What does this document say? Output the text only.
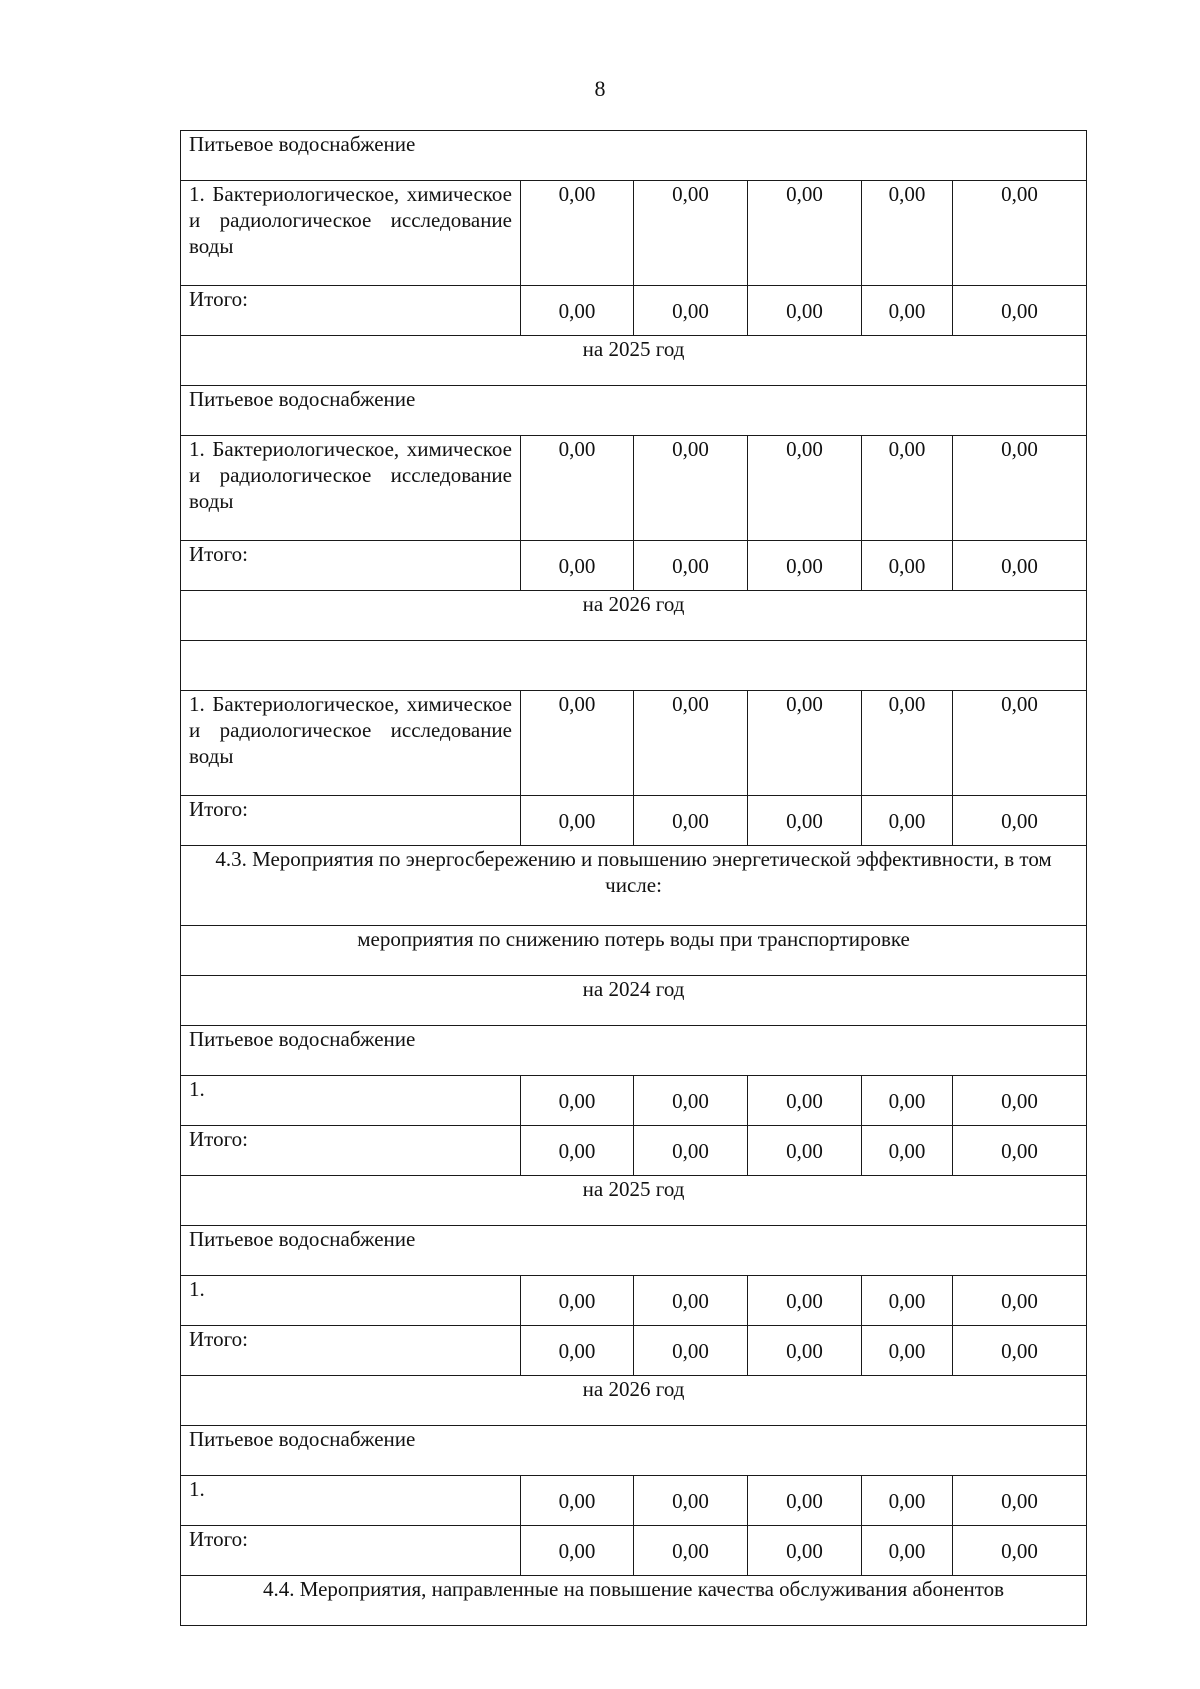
8
Питьевое водоснабжение					
1. Бактериологическое, химическое и радиологическое исследование воды	0,00	0,00	0,00	0,00	0,00
Итого:	0,00	0,00	0,00	0,00	0,00
на 2025 год					
Питьевое водоснабжение					
1. Бактериологическое, химическое и радиологическое исследование воды	0,00	0,00	0,00	0,00	0,00
Итого:	0,00	0,00	0,00	0,00	0,00
на 2026 год					

1. Бактериологическое, химическое и радиологическое исследование воды	0,00	0,00	0,00	0,00	0,00
Итого:	0,00	0,00	0,00	0,00	0,00
4.3. Мероприятия по энергосбережению и повышению энергетической эффективности, в том числе:					
мероприятия по снижению потерь воды при транспортировке					
на 2024 год					
Питьевое водоснабжение					
1.	0,00	0,00	0,00	0,00	0,00
Итого:	0,00	0,00	0,00	0,00	0,00
на 2025 год					
Питьевое водоснабжение					
1.	0,00	0,00	0,00	0,00	0,00
Итого:	0,00	0,00	0,00	0,00	0,00
на 2026 год					
Питьевое водоснабжение					
1.	0,00	0,00	0,00	0,00	0,00
Итого:	0,00	0,00	0,00	0,00	0,00
4.4. Мероприятия, направленные на повышение качества обслуживания абонентов					
